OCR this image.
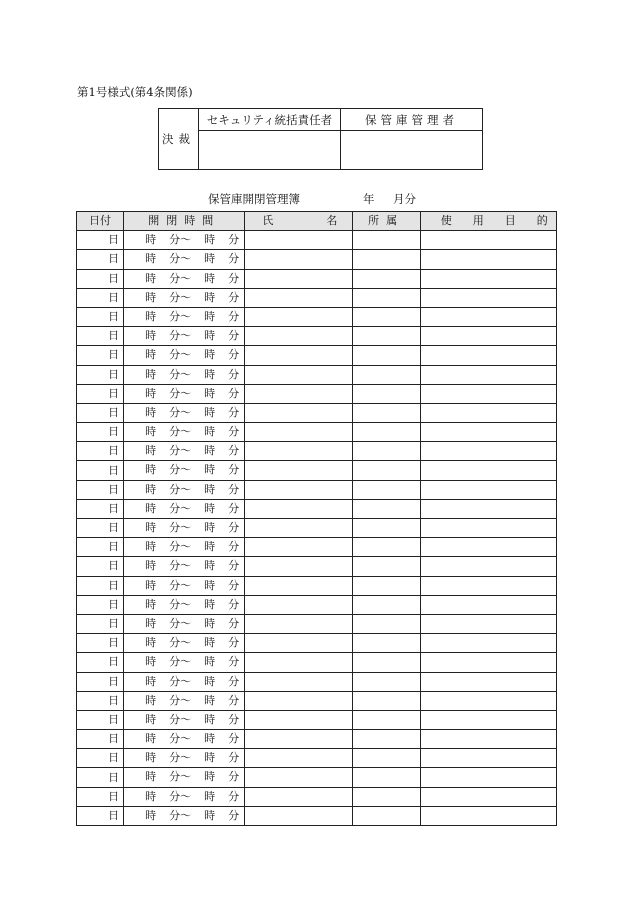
第1号様式(第4条関係)
決裁	セキュリティ統括責任者	保管庫管理者

保管庫開閉管理簿	年 月分
日付	開閉時間	氏 名	所属	使 用 目 的

日	時 分〜 時 分			

日	時 分〜 時 分			

日	時 分〜 時 分			

日	時 分〜 時 分			

日	時 分〜 時 分			

日	時 分〜 時 分			

日	時 分〜 時 分			

日	時 分〜 時 分			

日	時 分〜 時 分			

日	時 分〜 時 分			

日	時 分〜 時 分			

日	時 分〜 時 分			

日	時 分〜 時 分			

日	時 分〜 時 分			

日	時 分〜 時 分			

日	時 分〜 時 分			

日	時 分〜 時 分			

日	時 分〜 時 分			

日	時 分〜 時 分			

日	時 分〜 時 分			

日	時 分〜 時 分			

日	時 分〜 時 分			

日	時 分〜 時 分			

日	時 分〜 時 分			

日	時 分〜 時 分			

日	時 分〜 時 分			

日	時 分〜 時 分			

日	時 分〜 時 分			

日	時 分〜 時 分			

日	時 分〜 時 分			

日	時 分〜 時 分			
